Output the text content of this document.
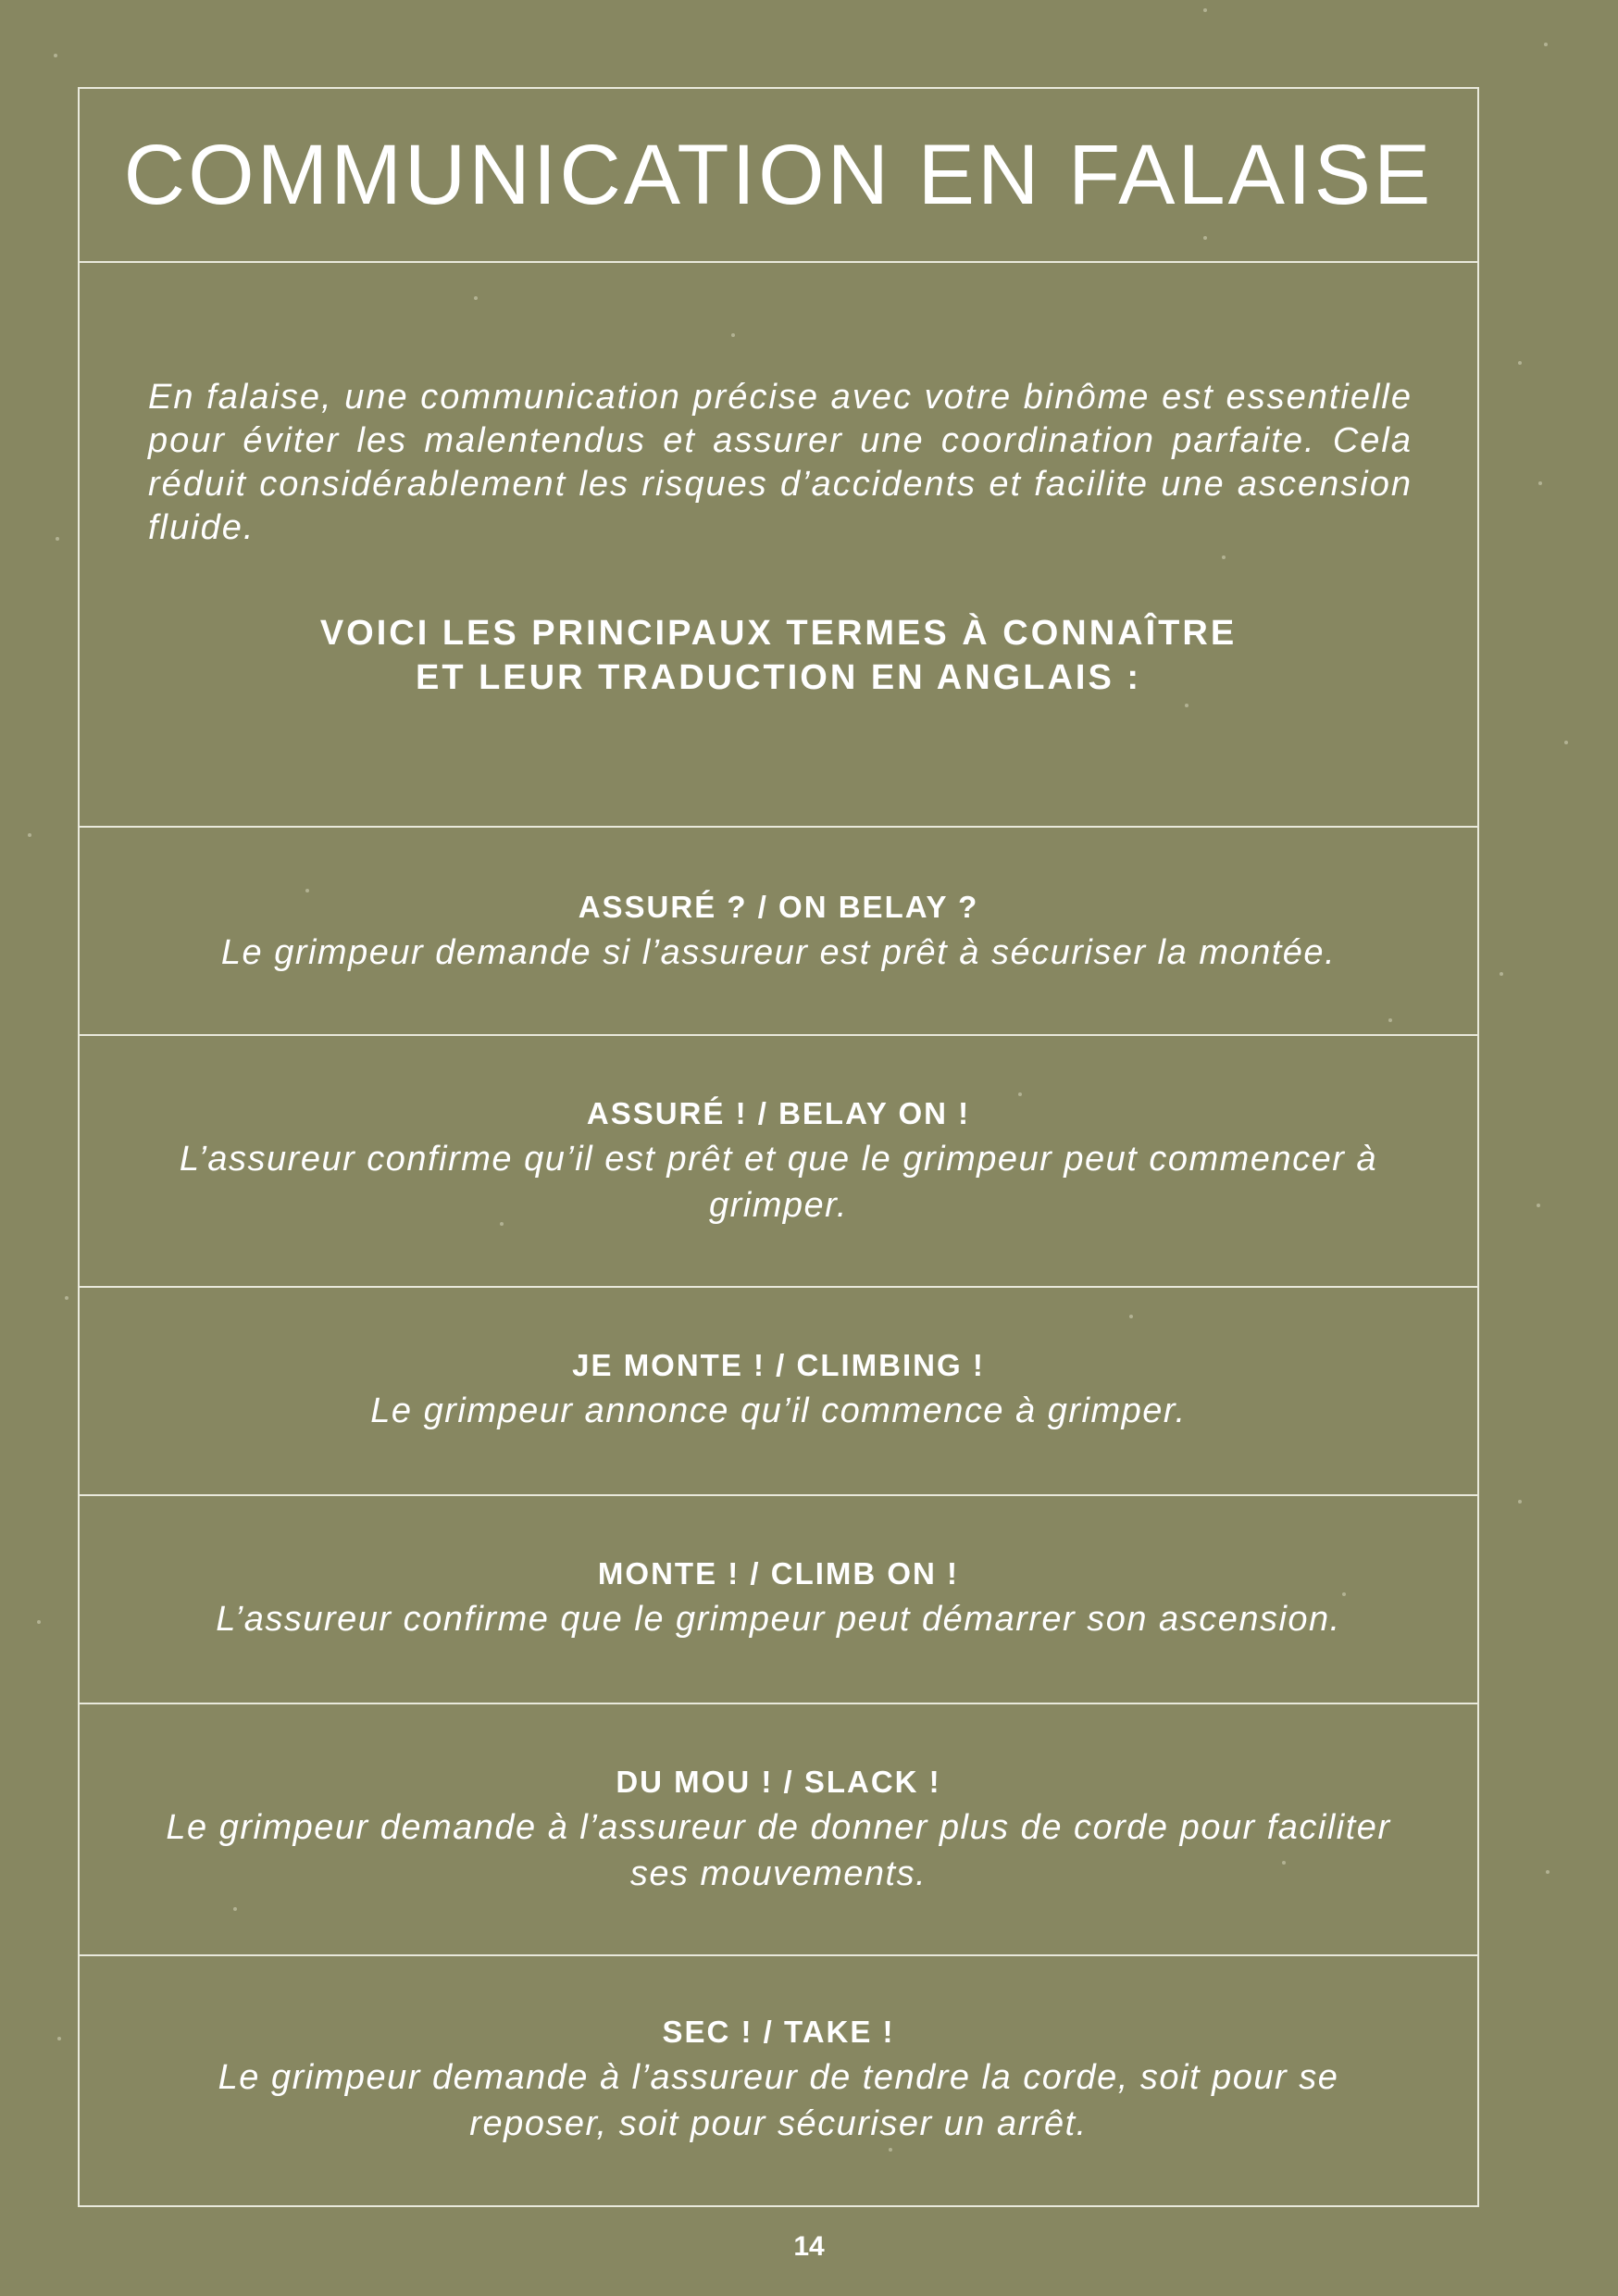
COMMUNICATION EN FALAISE

En falaise, une communication précise avec votre binôme est essentielle pour éviter les malentendus et assurer une coordination parfaite. Cela réduit considérablement les risques d’accidents et facilite une ascension fluide.

VOICI LES PRINCIPAUX TERMES À CONNAÎTRE
ET LEUR TRADUCTION EN ANGLAIS :

ASSURÉ ? / ON BELAY ?

Le grimpeur demande si l’assureur est prêt à sécuriser la montée.

ASSURÉ ! / BELAY ON !

L’assureur confirme qu’il est prêt et que le grimpeur peut commencer à grimper.

JE MONTE ! / CLIMBING !

Le grimpeur annonce qu’il commence à grimper.

MONTE ! / CLIMB ON !

L’assureur confirme que le grimpeur peut démarrer son ascension.

DU MOU ! / SLACK !

Le grimpeur demande à l’assureur de donner plus de corde pour faciliter ses mouvements.

SEC ! / TAKE !

Le grimpeur demande à l’assureur de tendre la corde, soit pour se reposer, soit pour sécuriser un arrêt.

14
